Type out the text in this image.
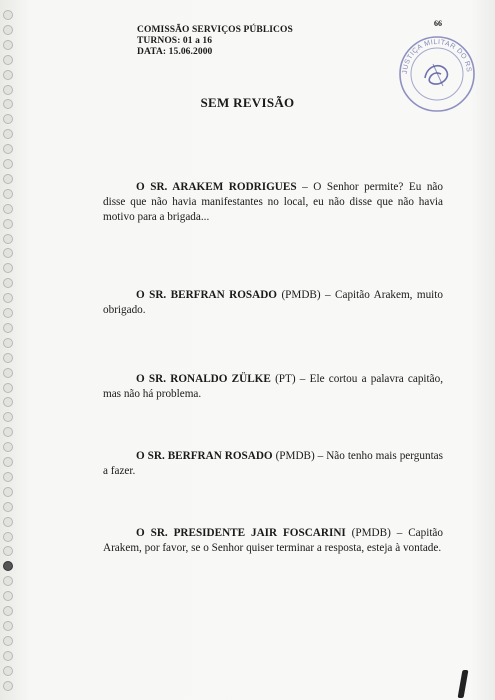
COMISSÃO SERVIÇOS PÚBLICOS
TURNOS: 01 a 16
DATA: 15.06.2000
66
JUSTIÇA MILITAR DO RS
SEM REVISÃO

O SR. ARAKEM RODRIGUES – O Senhor permite? Eu não disse que não havia manifestantes no local, eu não disse que não havia motivo para a brigada...

O SR. BERFRAN ROSADO (PMDB) – Capitão Arakem, muito obrigado.

O SR. RONALDO ZÜLKE (PT) – Ele cortou a palavra capitão, mas não há problema.

O SR. BERFRAN ROSADO (PMDB) – Não tenho mais perguntas a fazer.

O SR. PRESIDENTE JAIR FOSCARINI (PMDB) – Capitão Arakem, por favor, se o Senhor quiser terminar a resposta, esteja à vontade.
